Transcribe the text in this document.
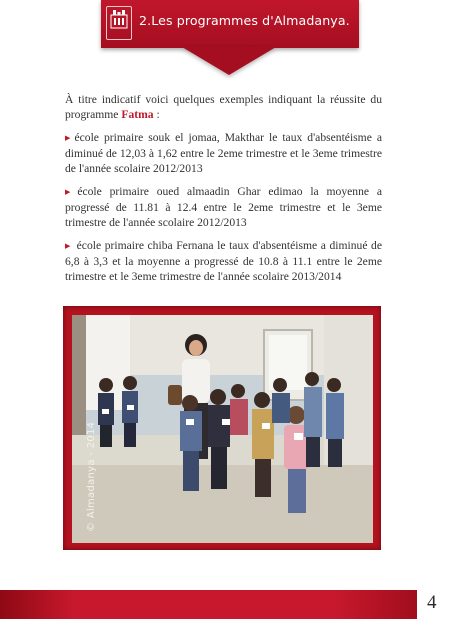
2.Les programmes d'Almadanya.

À titre indicatif voici quelques exemples indiquant la réussite du programme Fatma :

▶ école primaire souk el jomaa, Makthar le taux d'absentéisme a diminué de 12,03 à 1,62 entre le 2eme trimestre et le 3eme trimestre de l'année scolaire 2012/2013

▶ école primaire oued almaadin Ghar edimao la moyenne a progressé de 11.81 à 12.4 entre le 2eme trimestre et le 3eme trimestre de l'année scolaire 2012/2013

▶ école primaire chiba Fernana le taux d'absentéisme a diminué de 6,8 à 3,3 et la moyenne a progressé de 10.8 à 11.1 entre le 2eme trimestre et le 3eme trimestre de l'année scolaire 2013/2014

© Almadanya - 2014
4
